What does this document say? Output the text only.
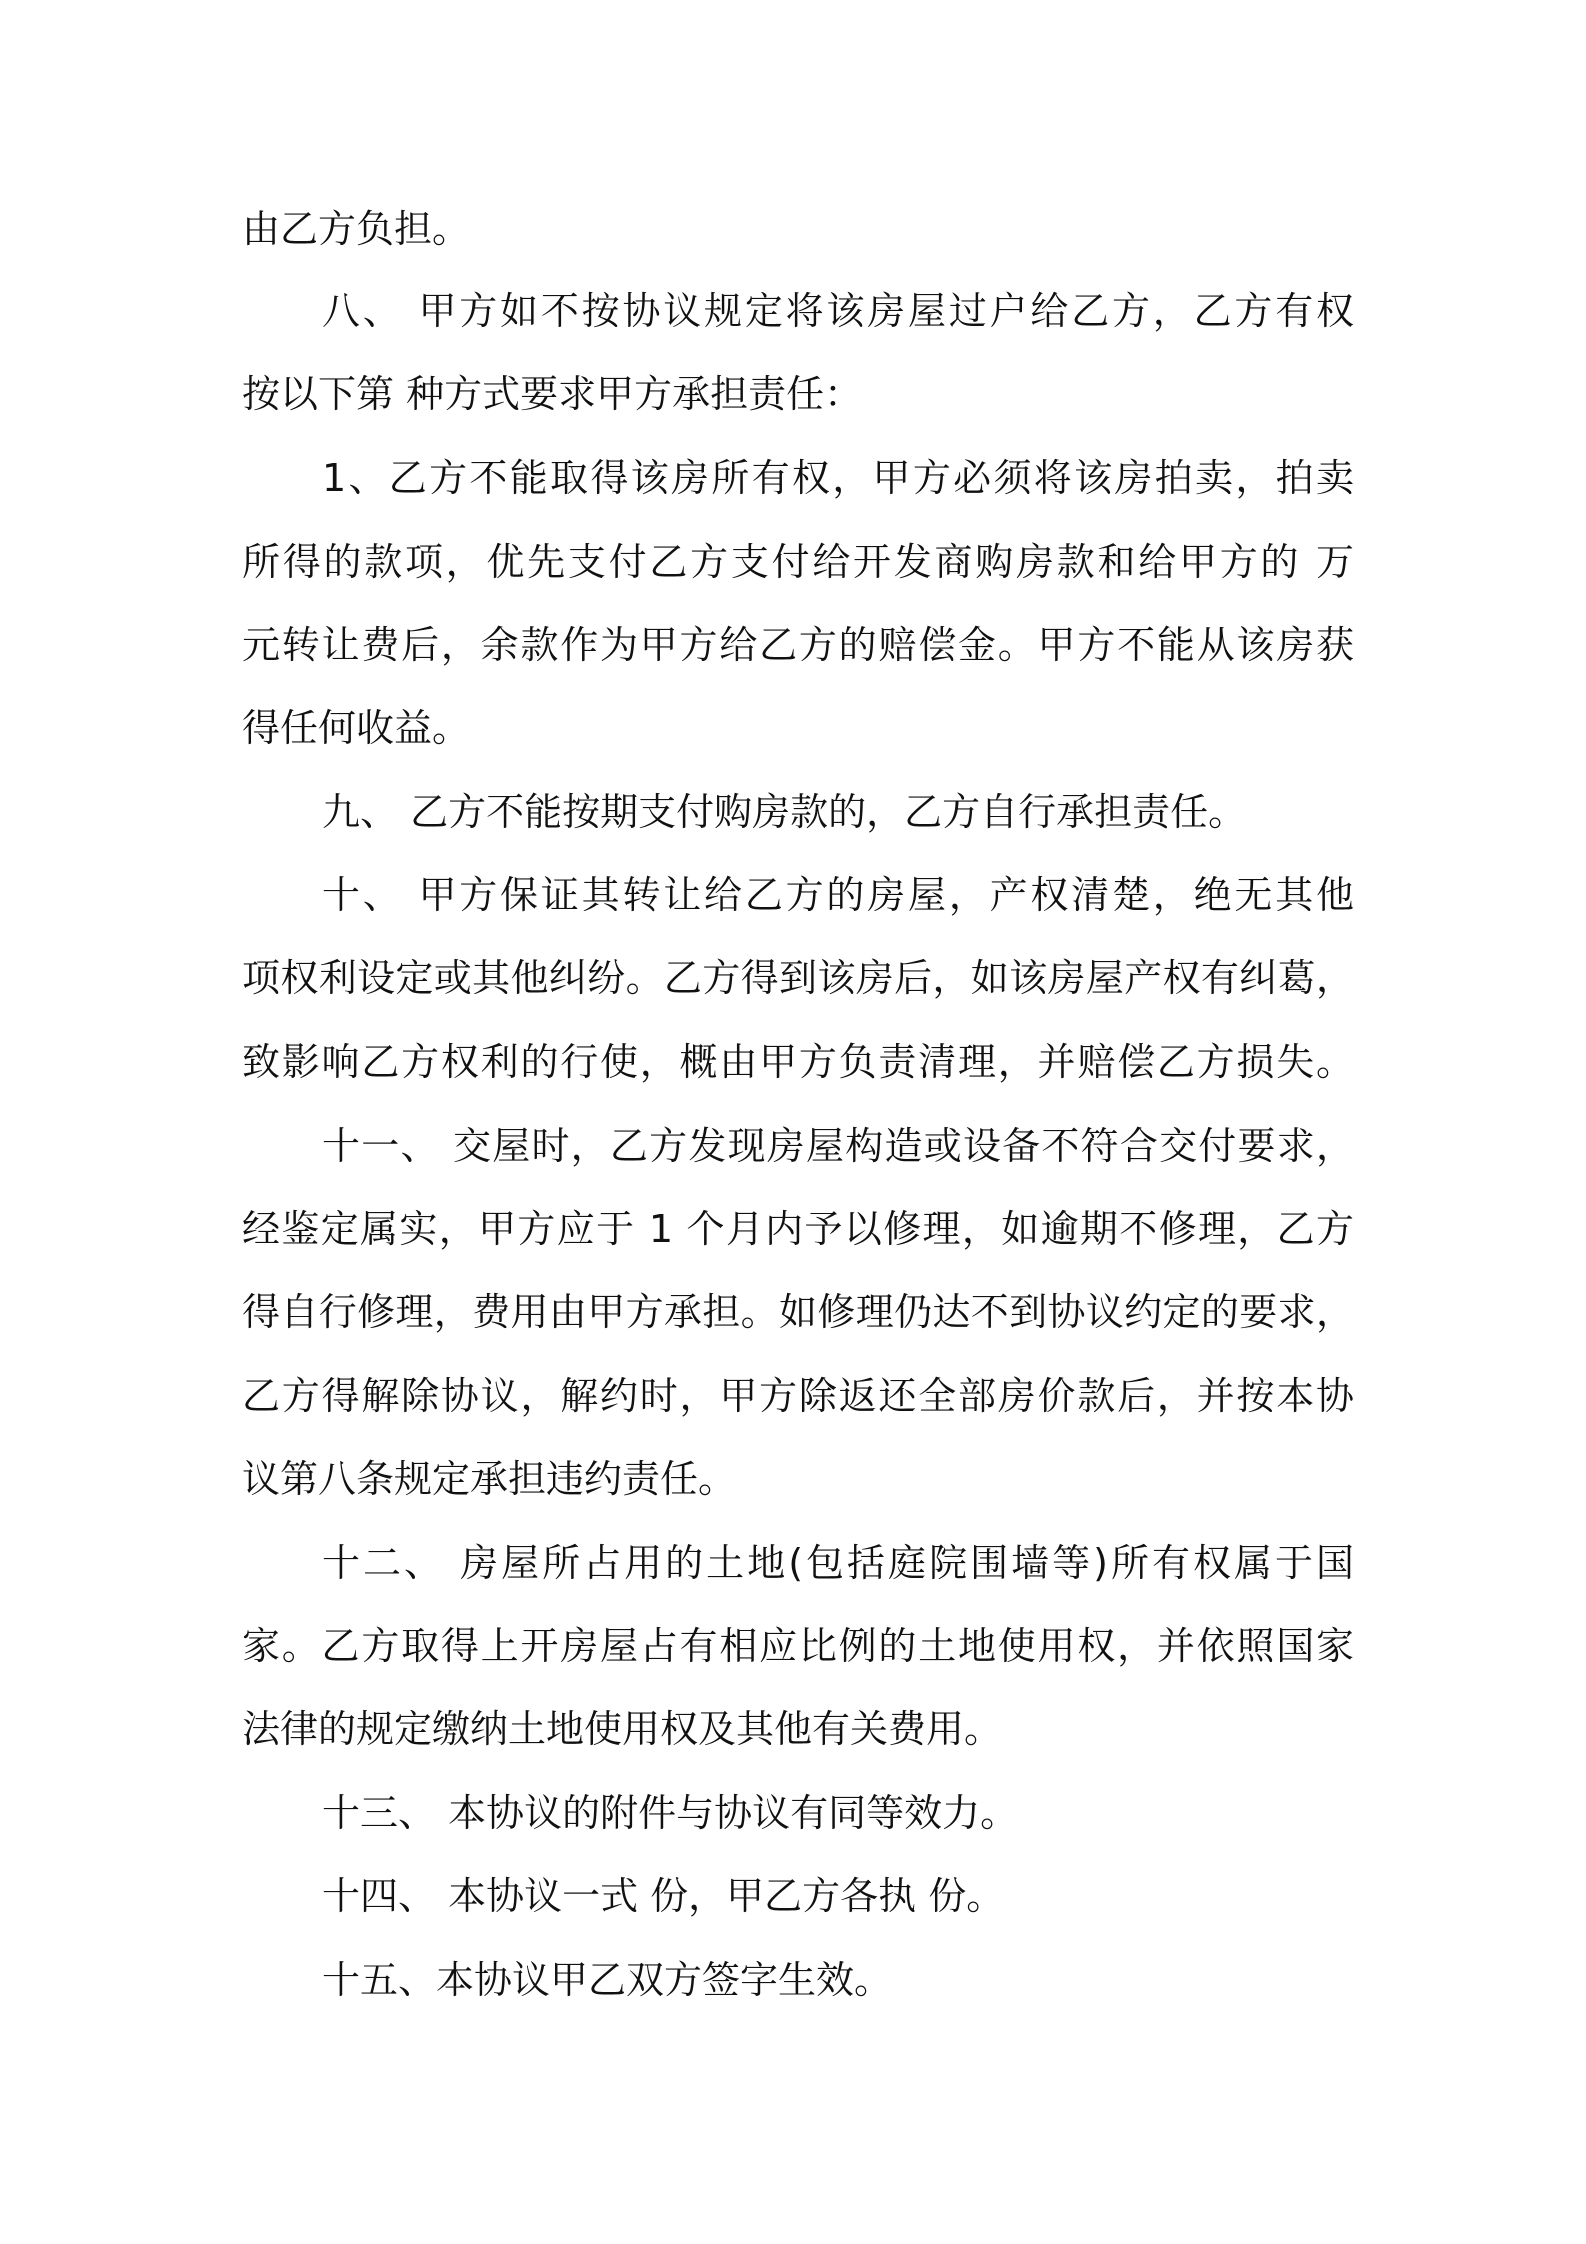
由乙方负担。
八、 甲方如不按协议规定将该房屋过户给乙方，乙方有权
按以下第 种方式要求甲方承担责任：
1、乙方不能取得该房所有权，甲方必须将该房拍卖，拍卖
所得的款项，优先支付乙方支付给开发商购房款和给甲方的 万
元转让费后，余款作为甲方给乙方的赔偿金。甲方不能从该房获
得任何收益。
九、 乙方不能按期支付购房款的，乙方自行承担责任。
十、 甲方保证其转让给乙方的房屋，产权清楚，绝无其他
项权利设定或其他纠纷。乙方得到该房后，如该房屋产权有纠葛，
致影响乙方权利的行使，概由甲方负责清理，并赔偿乙方损失。
十一、 交屋时，乙方发现房屋构造或设备不符合交付要求，
经鉴定属实，甲方应于 1 个月内予以修理，如逾期不修理，乙方
得自行修理，费用由甲方承担。如修理仍达不到协议约定的要求，
乙方得解除协议，解约时，甲方除返还全部房价款后，并按本协
议第八条规定承担违约责任。
十二、 房屋所占用的土地(包括庭院围墙等)所有权属于国
家。乙方取得上开房屋占有相应比例的土地使用权，并依照国家
法律的规定缴纳土地使用权及其他有关费用。
十三、 本协议的附件与协议有同等效力。
十四、 本协议一式 份，甲乙方各执 份。
十五、本协议甲乙双方签字生效。
